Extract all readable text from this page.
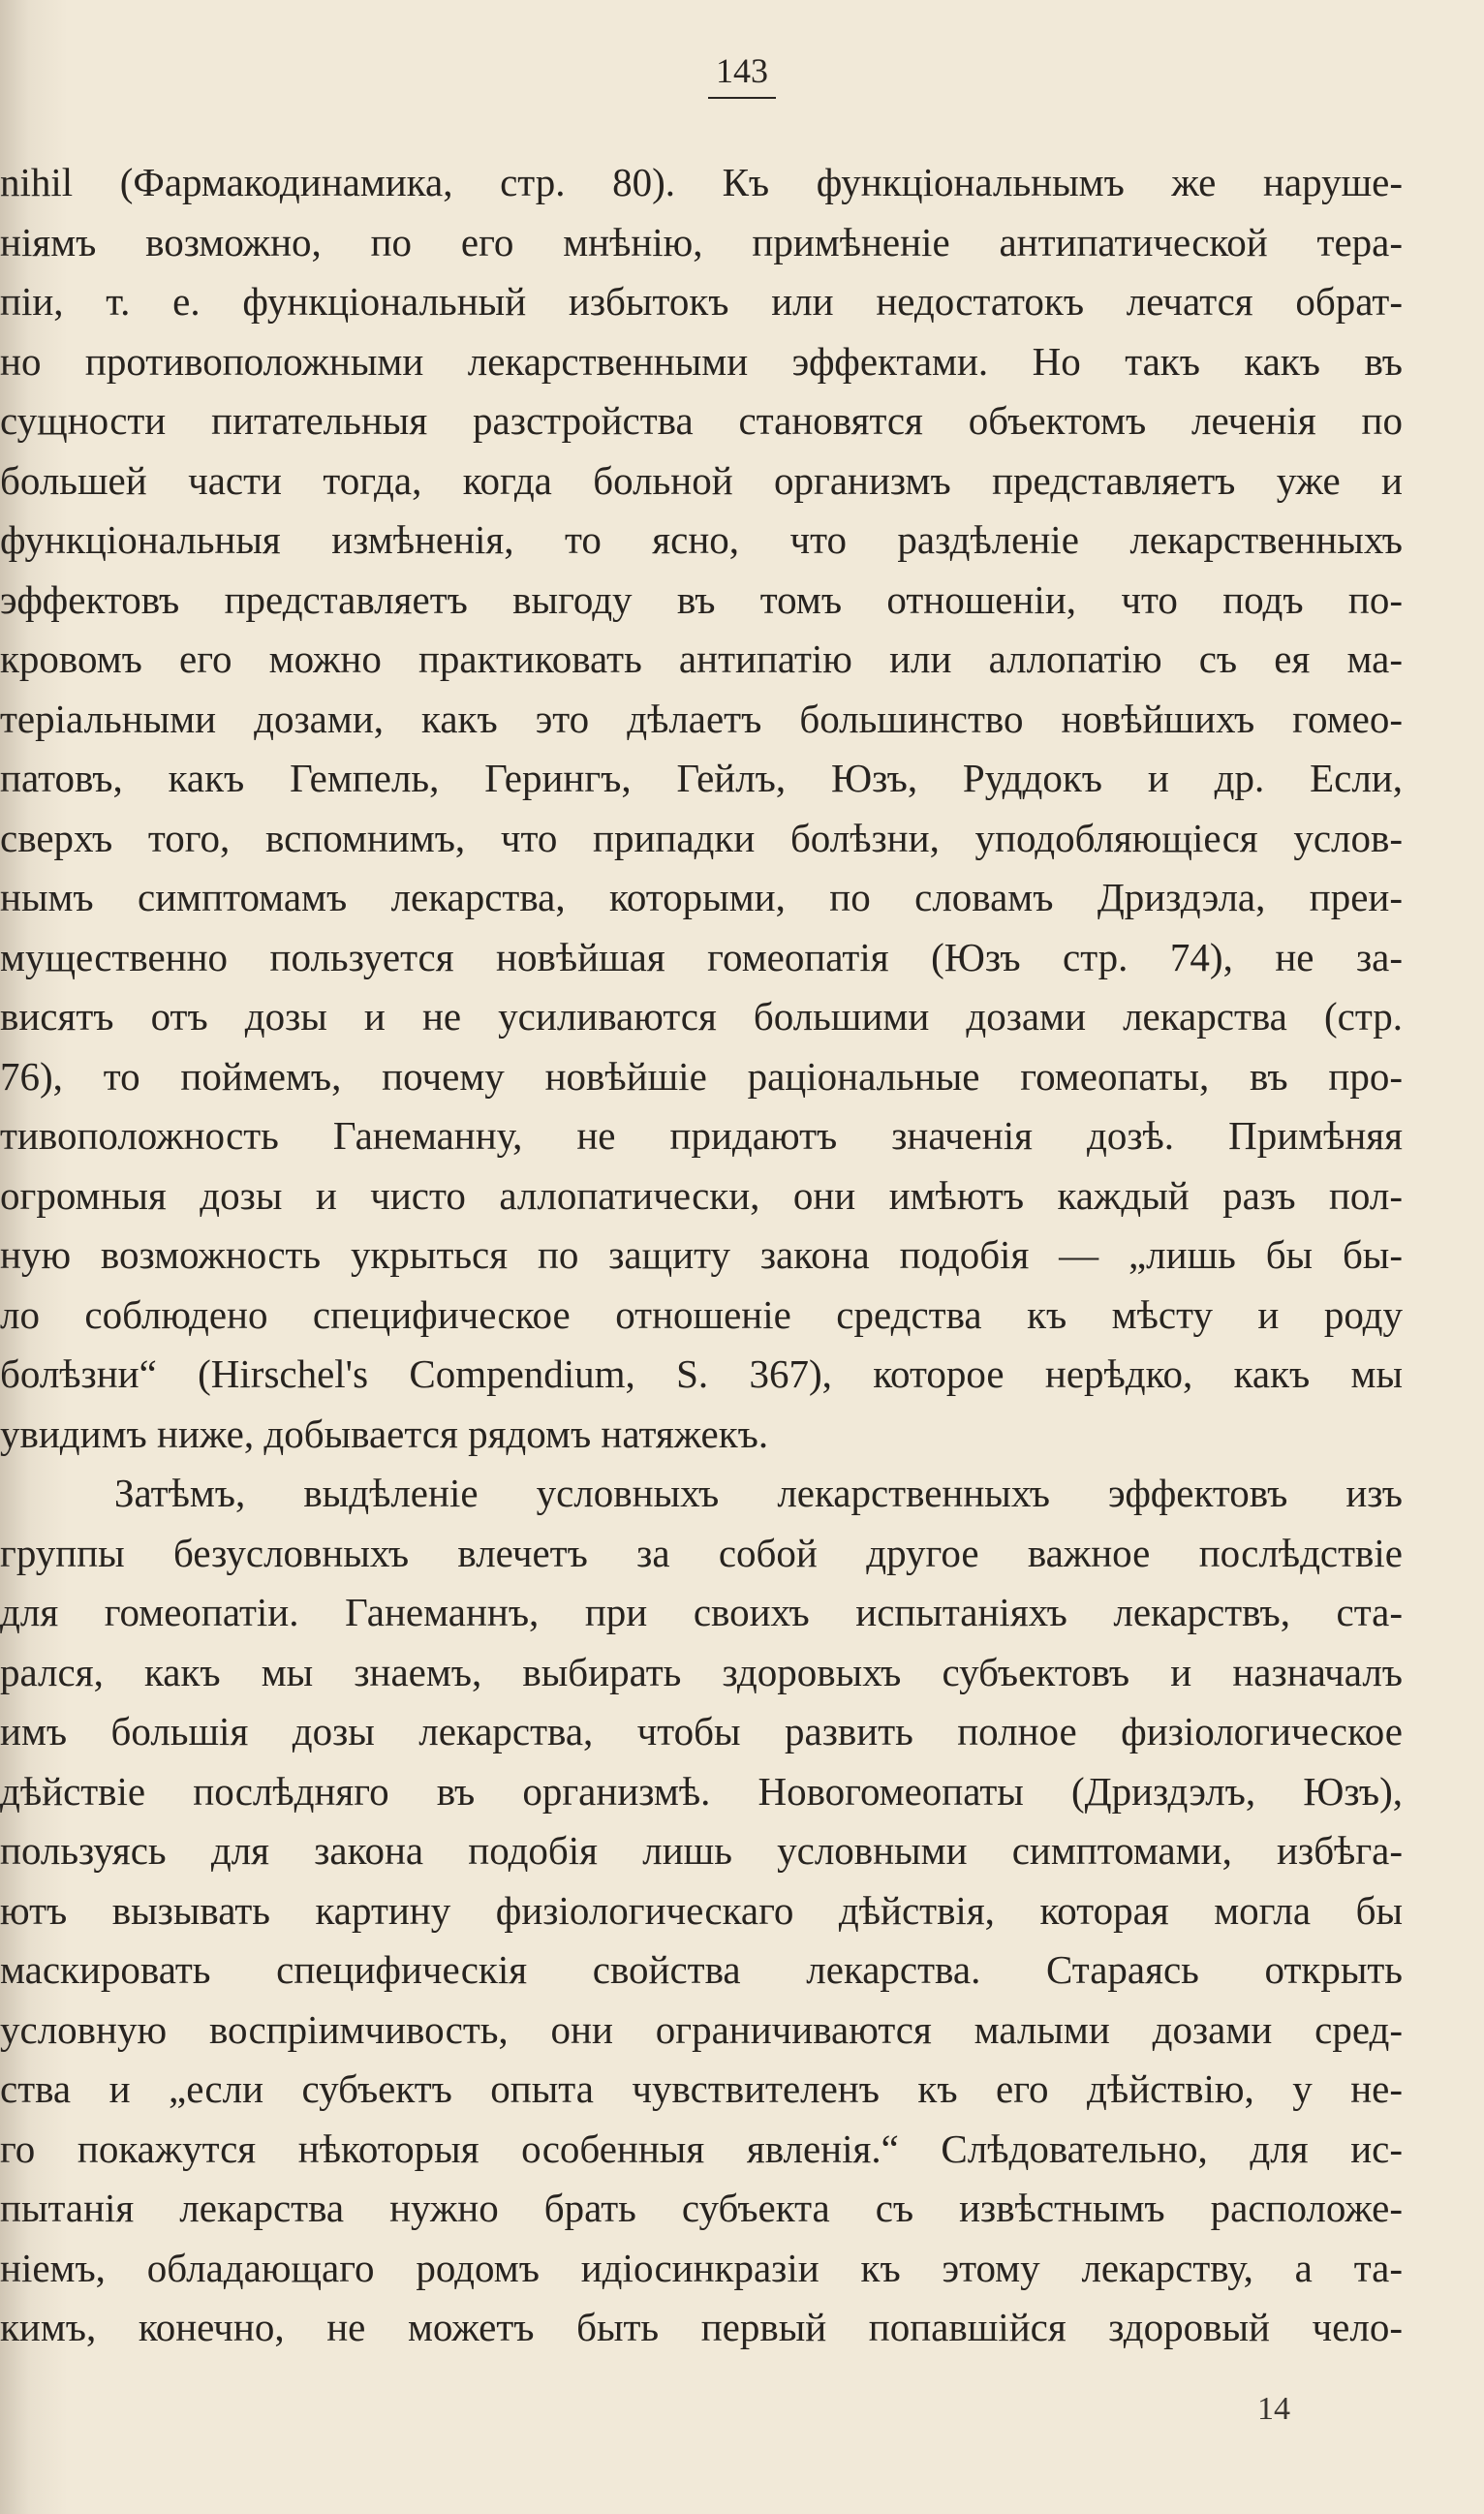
143
nihil (Фармакодинамика, стр. 80). Къ функціональнымъ же наруше-
ніямъ возможно, по его мнѣнію, примѣненіе антипатической тера-
піи, т. е. функціональный избытокъ или недостатокъ лечатся обрат-
но противоположными лекарственными эффектами. Но такъ какъ въ
сущности питательныя разстройства становятся объектомъ леченія по
большей части тогда, когда больной организмъ представляетъ уже и
функціональныя измѣненія, то ясно, что раздѣленіе лекарственныхъ
эффектовъ представляетъ выгоду въ томъ отношеніи, что подъ по-
кровомъ его можно практиковать антипатію или аллопатію съ ея ма-
теріальными дозами, какъ это дѣлаетъ большинство новѣйшихъ гомео-
патовъ, какъ Гемпель, Герингъ, Гейлъ, Юзъ, Руддокъ и др. Если,
сверхъ того, вспомнимъ, что припадки болѣзни, уподобляющіеся услов-
нымъ симптомамъ лекарства, которыми, по словамъ Дриздэла, преи-
мущественно пользуется новѣйшая гомеопатія (Юзъ стр. 74), не за-
висятъ отъ дозы и не усиливаются большими дозами лекарства (стр.
76), то поймемъ, почему новѣйшіе раціональные гомеопаты, въ про-
тивоположность Ганеманну, не придаютъ значенія дозѣ. Примѣняя
огромныя дозы и чисто аллопатически, они имѣютъ каждый разъ пол-
ную возможность укрыться по защиту закона подобія — „лишь бы бы-
ло соблюдено специфическое отношеніе средства къ мѣсту и роду
болѣзни“ (Hirschel's Compendium, S. 367), которое нерѣдко, какъ мы
увидимъ ниже, добывается рядомъ натяжекъ.
Затѣмъ, выдѣленіе условныхъ лекарственныхъ эффектовъ изъ
группы безусловныхъ влечетъ за собой другое важное послѣдствіе
для гомеопатіи. Ганеманнъ, при своихъ испытаніяхъ лекарствъ, ста-
рался, какъ мы знаемъ, выбирать здоровыхъ субъектовъ и назначалъ
имъ большія дозы лекарства, чтобы развить полное физіологическое
дѣйствіе послѣдняго въ организмѣ. Новогомеопаты (Дриздэлъ, Юзъ),
пользуясь для закона подобія лишь условными симптомами, избѣга-
ютъ вызывать картину физіологическаго дѣйствія, которая могла бы
маскировать специфическія свойства лекарства. Стараясь открыть
условную воспріимчивость, они ограничиваются малыми дозами сред-
ства и „если субъектъ опыта чувствителенъ къ его дѣйствію, у не-
го покажутся нѣкоторыя особенныя явленія.“ Слѣдовательно, для ис-
пытанія лекарства нужно брать субъекта съ извѣстнымъ расположе-
ніемъ, обладающаго родомъ идіосинкразіи къ этому лекарству, а та-
кимъ, конечно, не можетъ быть первый попавшійся здоровый чело-
14
